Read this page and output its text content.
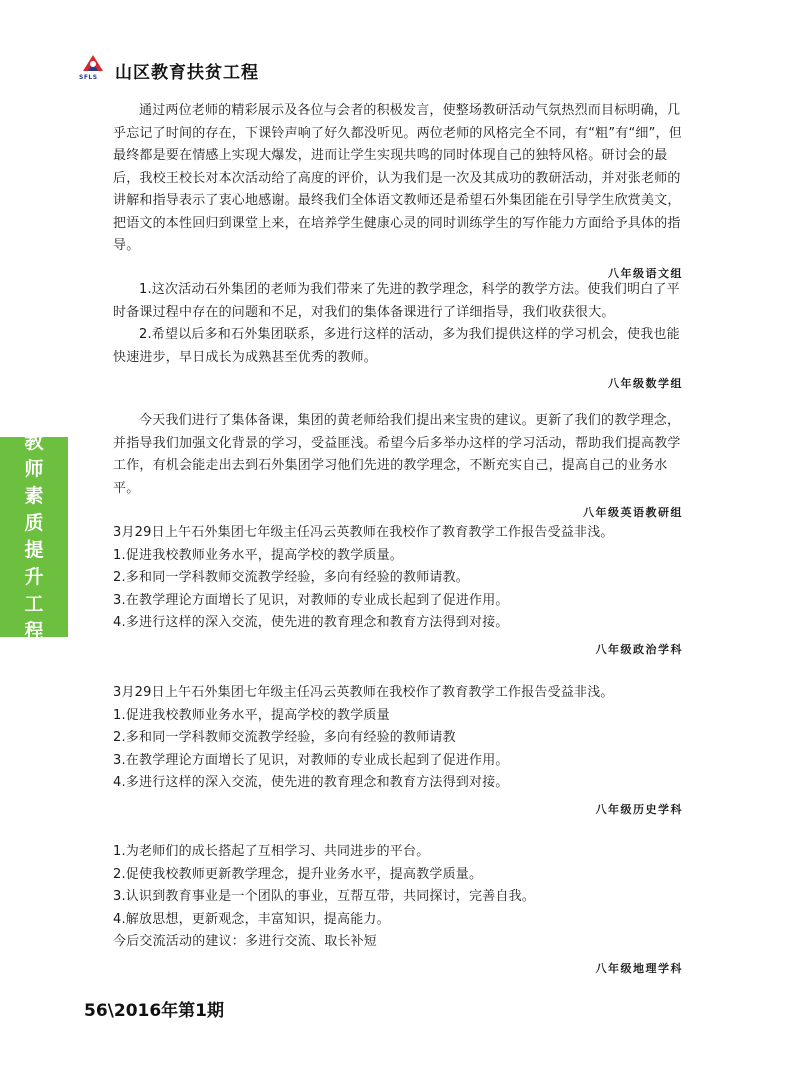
SFLS 山区教育扶贫工程
教
师
素
质
提
升
工
程

通过两位老师的精彩展示及各位与会者的积极发言，使整场教研活动气氛热烈而目标明确，几乎忘记了时间的存在，下课铃声响了好久都没听见。两位老师的风格完全不同，有“粗”有“细”，但最终都是要在情感上实现大爆发，进而让学生实现共鸣的同时体现自己的独特风格。研讨会的最后，我校王校长对本次活动给了高度的评价，认为我们是一次及其成功的教研活动，并对张老师的讲解和指导表示了衷心地感谢。最终我们全体语文教师还是希望石外集团能在引导学生欣赏美文，把语文的本性回归到课堂上来，在培养学生健康心灵的同时训练学生的写作能力方面给予具体的指导。

八年级语文组

1.这次活动石外集团的老师为我们带来了先进的教学理念，科学的教学方法。使我们明白了平时备课过程中存在的问题和不足，对我们的集体备课进行了详细指导，我们收获很大。

2.希望以后多和石外集团联系，多进行这样的活动，多为我们提供这样的学习机会，使我也能快速进步，早日成长为成熟甚至优秀的教师。

八年级数学组

今天我们进行了集体备课，集团的黄老师给我们提出来宝贵的建议。更新了我们的教学理念，并指导我们加强文化背景的学习，受益匪浅。希望今后多举办这样的学习活动，帮助我们提高教学工作，有机会能走出去到石外集团学习他们先进的教学理念，不断充实自己，提高自己的业务水平。

八年级英语教研组

3月29日上午石外集团七年级主任冯云英教师在我校作了教育教学工作报告受益非浅。

1.促进我校教师业务水平，提高学校的教学质量。

2.多和同一学科教师交流教学经验，多向有经验的教师请教。

3.在教学理论方面增长了见识，对教师的专业成长起到了促进作用。

4.多进行这样的深入交流，使先进的教育理念和教育方法得到对接。

八年级政治学科

3月29日上午石外集团七年级主任冯云英教师在我校作了教育教学工作报告受益非浅。

1.促进我校教师业务水平，提高学校的教学质量

2.多和同一学科教师交流教学经验，多向有经验的教师请教

3.在教学理论方面增长了见识，对教师的专业成长起到了促进作用。

4.多进行这样的深入交流，使先进的教育理念和教育方法得到对接。

八年级历史学科

1.为老师们的成长搭起了互相学习、共同进步的平台。

2.促使我校教师更新教学理念，提升业务水平，提高教学质量。

3.认识到教育事业是一个团队的事业，互帮互带，共同探讨，完善自我。

4.解放思想，更新观念，丰富知识，提高能力。

今后交流活动的建议：多进行交流、取长补短

八年级地理学科

56\2016年第1期
